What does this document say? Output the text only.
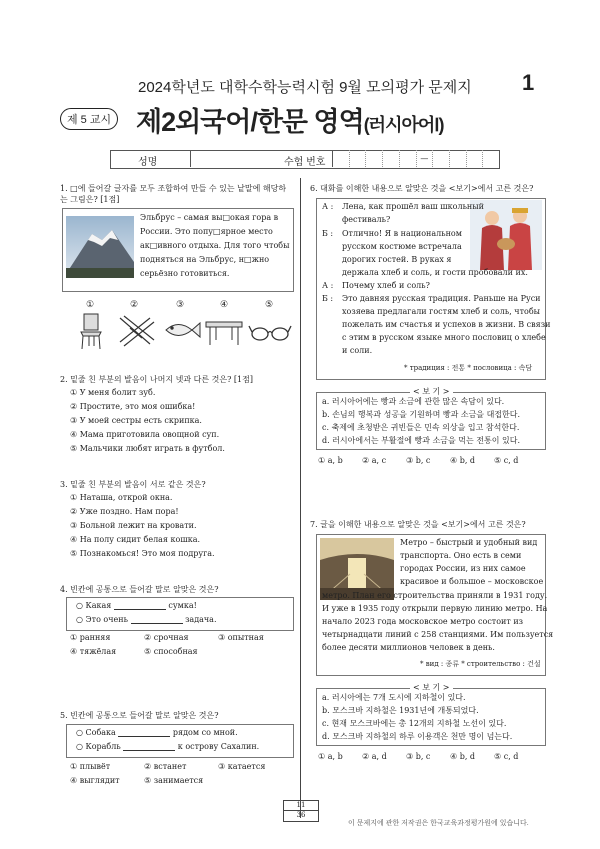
2024학년도 대학수학능력시험 9월 모의평가 문제지 1
제 5 교시 제2외국어/한문 영역(러시아어Ⅰ)
성명	수험 번호	—
1. □에 들어갈 글자를 모두 조합하여 만들 수 있는 낱말에 해당하는 그림은? [1점]
Эльбрус – самая вы□окая гора в
России. Это попу□ярное место
ак□ивного отдыха. Для того чтобы
подняться на Эльбрус, н□жно
серьёзно готовиться.
①	②	③	④	⑤
2. 밑줄 친 부분의 발음이 나머지 넷과 다른 것은? [1점]
① У меня болит зуб.
② Простите, это моя ошибка!
③ У моей сестры есть скрипка.
④ Мама приготовила овощной суп.
⑤ Мальчики любят играть в футбол.
3. 밑줄 친 부분의 발음이 서로 같은 것은?
① Наташа, открой окна.
② Уже поздно. Нам пора!
③ Больной лежит на кровати.
④ На полу сидит белая кошка.
⑤ Познакомься! Это моя подруга.
4. 빈칸에 공통으로 들어갈 말로 알맞은 것은?
○ Какая	сумка!
○ Это очень	задача.
① ранняя	② срочная	③ опытная
④ тяжёлая	⑤ способная
5. 빈칸에 공통으로 들어갈 말로 알맞은 것은?
○ Собака	рядом со мной.
○ Корабль	к острову Сахалин.
① плывёт	② встанет	③ катается
④ выглядит	⑤ занимается
6. 대화를 이해한 내용으로 알맞은 것을 <보기>에서 고른 것은?
А : Лена, как прошёл ваш школьный
фестиваль?
Б : Отлично! Я в национальном
русском костюме встречала
дорогих гостей. В руках я
держала хлеб и соль, и гости пробовали их.
А : Почему хлеб и соль?
Б : Это давняя русская традиция. Раньше на Руси
хозяева предлагали гостям хлеб и соль, чтобы
пожелать им счастья и успехов в жизни. В связи
с этим в русском языке много пословиц о хлебе
и соли.
* традиция : 전통 * пословица : 속담
< 보 기 >
a. 러시아어에는 빵과 소금에 관한 많은 속담이 있다.
b. 손님의 행복과 성공을 기원하며 빵과 소금을 대접한다.
c. 축제에 초청받은 귀빈들은 민속 의상을 입고 참석한다.
d. 러시아에서는 부활절에 빵과 소금을 먹는 전통이 있다.
① a, b ② a, c ③ b, c ④ b, d ⑤ c, d
7. 글을 이해한 내용으로 알맞은 것을 <보기>에서 고른 것은?
Метро – быстрый и удобный вид
транспорта. Оно есть в семи
городах России, из них самое
красивое и большое – московское
метро. План его строительства приняли в 1931 году.
И уже в 1935 году открыли первую линию метро. На
начало 2023 года московское метро состоит из
четырнадцати линий с 258 станциями. Им пользуется
более десяти миллионов человек в день.
* вид : 종류 * строительство : 건설
< 보 기 >
a. 러시아에는 7개 도시에 지하철이 있다.
b. 모스크바 지하철은 1931년에 개통되었다.
c. 현재 모스크바에는 총 12개의 지하철 노선이 있다.
d. 모스크바 지하철의 하루 이용객은 천만 명이 넘는다.
① a, b ② a, d ③ b, c ④ b, d ⑤ c, d
11
36
이 문제지에 관한 저작권은 한국교육과정평가원에 있습니다.
